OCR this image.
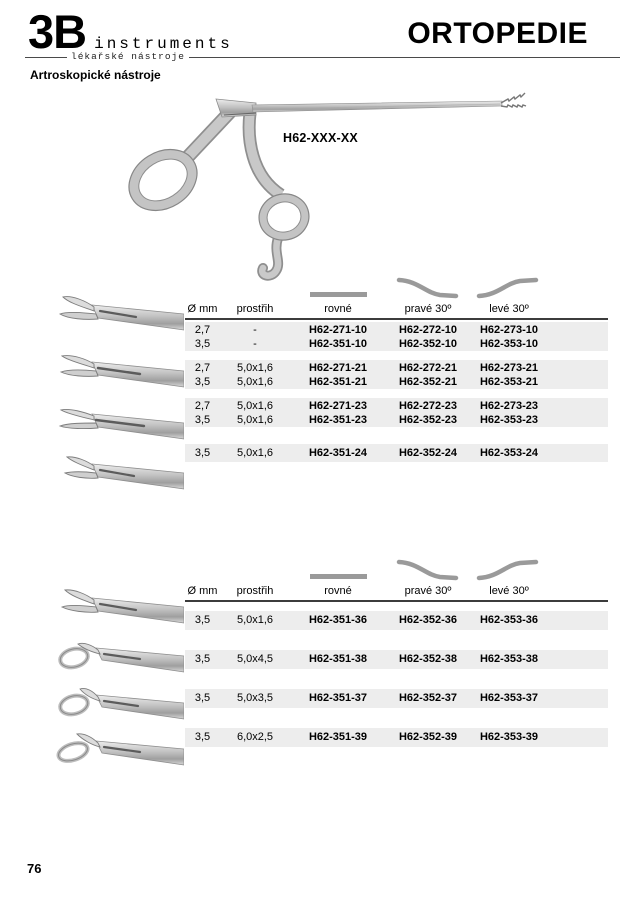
3B instruments	ORTOPEDIE
lékařské nástroje
Artroskopické nástroje
H62-XXX-XX
Ø mm	prostřih	rovné	pravé 30º	levé 30º
2,7	-	H62-271-10	H62-272-10	H62-273-10
3,5	-	H62-351-10	H62-352-10	H62-353-10
2,7	5,0x1,6	H62-271-21	H62-272-21	H62-273-21
3,5	5,0x1,6	H62-351-21	H62-352-21	H62-353-21
2,7	5,0x1,6	H62-271-23	H62-272-23	H62-273-23
3,5	5,0x1,6	H62-351-23	H62-352-23	H62-353-23
3,5	5,0x1,6	H62-351-24	H62-352-24	H62-353-24
Ø mm	prostřih	rovné	pravé 30º	levé 30º
3,5	5,0x1,6	H62-351-36	H62-352-36	H62-353-36
3,5	5,0x4,5	H62-351-38	H62-352-38	H62-353-38
3,5	5,0x3,5	H62-351-37	H62-352-37	H62-353-37
3,5	6,0x2,5	H62-351-39	H62-352-39	H62-353-39
76
